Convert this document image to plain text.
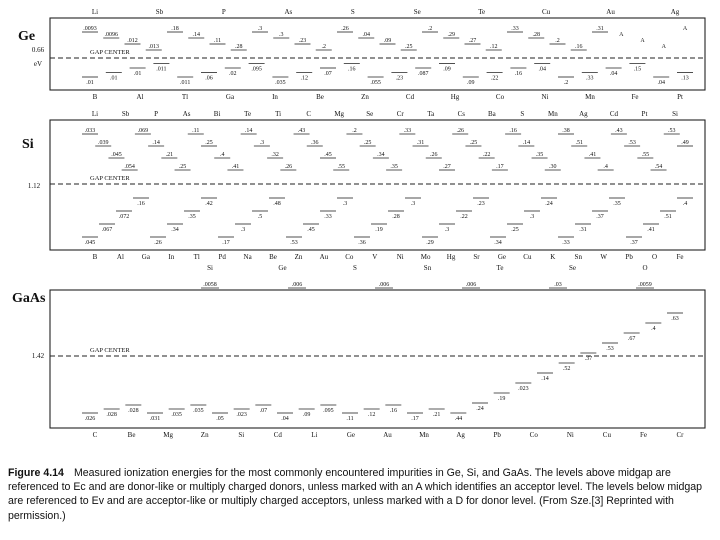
GAP CENTER
Ge
0.66
eV
Li	Sb	P	As	S	Se	Te	Cu	Au	Ag
B	Al	Tl	Ga	In	Be	Zn	Cd	Hg	Co	Ni	Mn	Fe	Pt
.0093
.0096
.012
.013
.18
.14
.11
.28
.3
.3
.23
.2
.26
.04
.09
.25
.2
.29
.27
.12
.33
.28
.2
.16
.31
A
A
A
A
.01
.01
.01
.011
.011
.06
.02
.095
.035
.12
.07
.16
.055
.23
.087
.09
.09
.22
.16
.04
.2
.33
.04
.15
.04
.13
GAP CENTER
Si
1.12
Li	Sb	P	As	Bi	Te	Ti	C	Mg	Se	Cr	Ta	Cs	Ba	S	Mn	Ag	Cd	Pt	Si
B	Al	Ga	In	Tl	Pd	Na Be	Zn Au Co	V	Ni Mo Hg	Sr	Ge Cu	K	Sn	W	Pb	O	Fe
Si	Ge	S	Sn	Te	Se	O
.0058	.006	.006	.006	.03	.0059
.033
.039
.045
.054
.069
.14
.21
.25
.11
.25
.4
.41
.14
.3
.32
.26
.43
.36
.45
.55
.2
.25
.34
.35
.33
.31
.26
.27
.26
.25
.22
.17
.16
.14
.35
.30
.38
.51
.41
.4
.43
.53
.55
.54
.53
.49
.045
.067
.072
.16
.26
.34
.35
.42
.17
.3
.5
.48
.53
.45
.33
.3
.36
.19
.28
.3
.29
.3
.22
.23
.34
.25
.3
.24
.33
.31
.37
.35
.37
.41
.51
.4
GAP CENTER
GaAs
1.42
C	Be	Mg	Zn	Si	Cd	Li	Ge	Au	Mn	Ag	Pb	Co	Ni	Cu	Fe	Cr
.026
.028
.028
.031
.035
.035
.05
.023
.07
.04
.09
.095
.11
.12
.16
.17
.21
.44
.24
.19
.023
.14
.52
.37
.53
.67
.4
.63
Figure 4.14 Measured ionization energies for the most commonly encountered impurities in Ge, Si, and GaAs. The levels above midgap are referenced to Ec and are donor-like or multiply charged donors, unless marked with an A which identifies an acceptor level. The levels below midgap are referenced to Ev and are acceptor-like or multiply charged acceptors, unless marked with a D for donor level. (From Sze.[3] Reprinted with permission.)
